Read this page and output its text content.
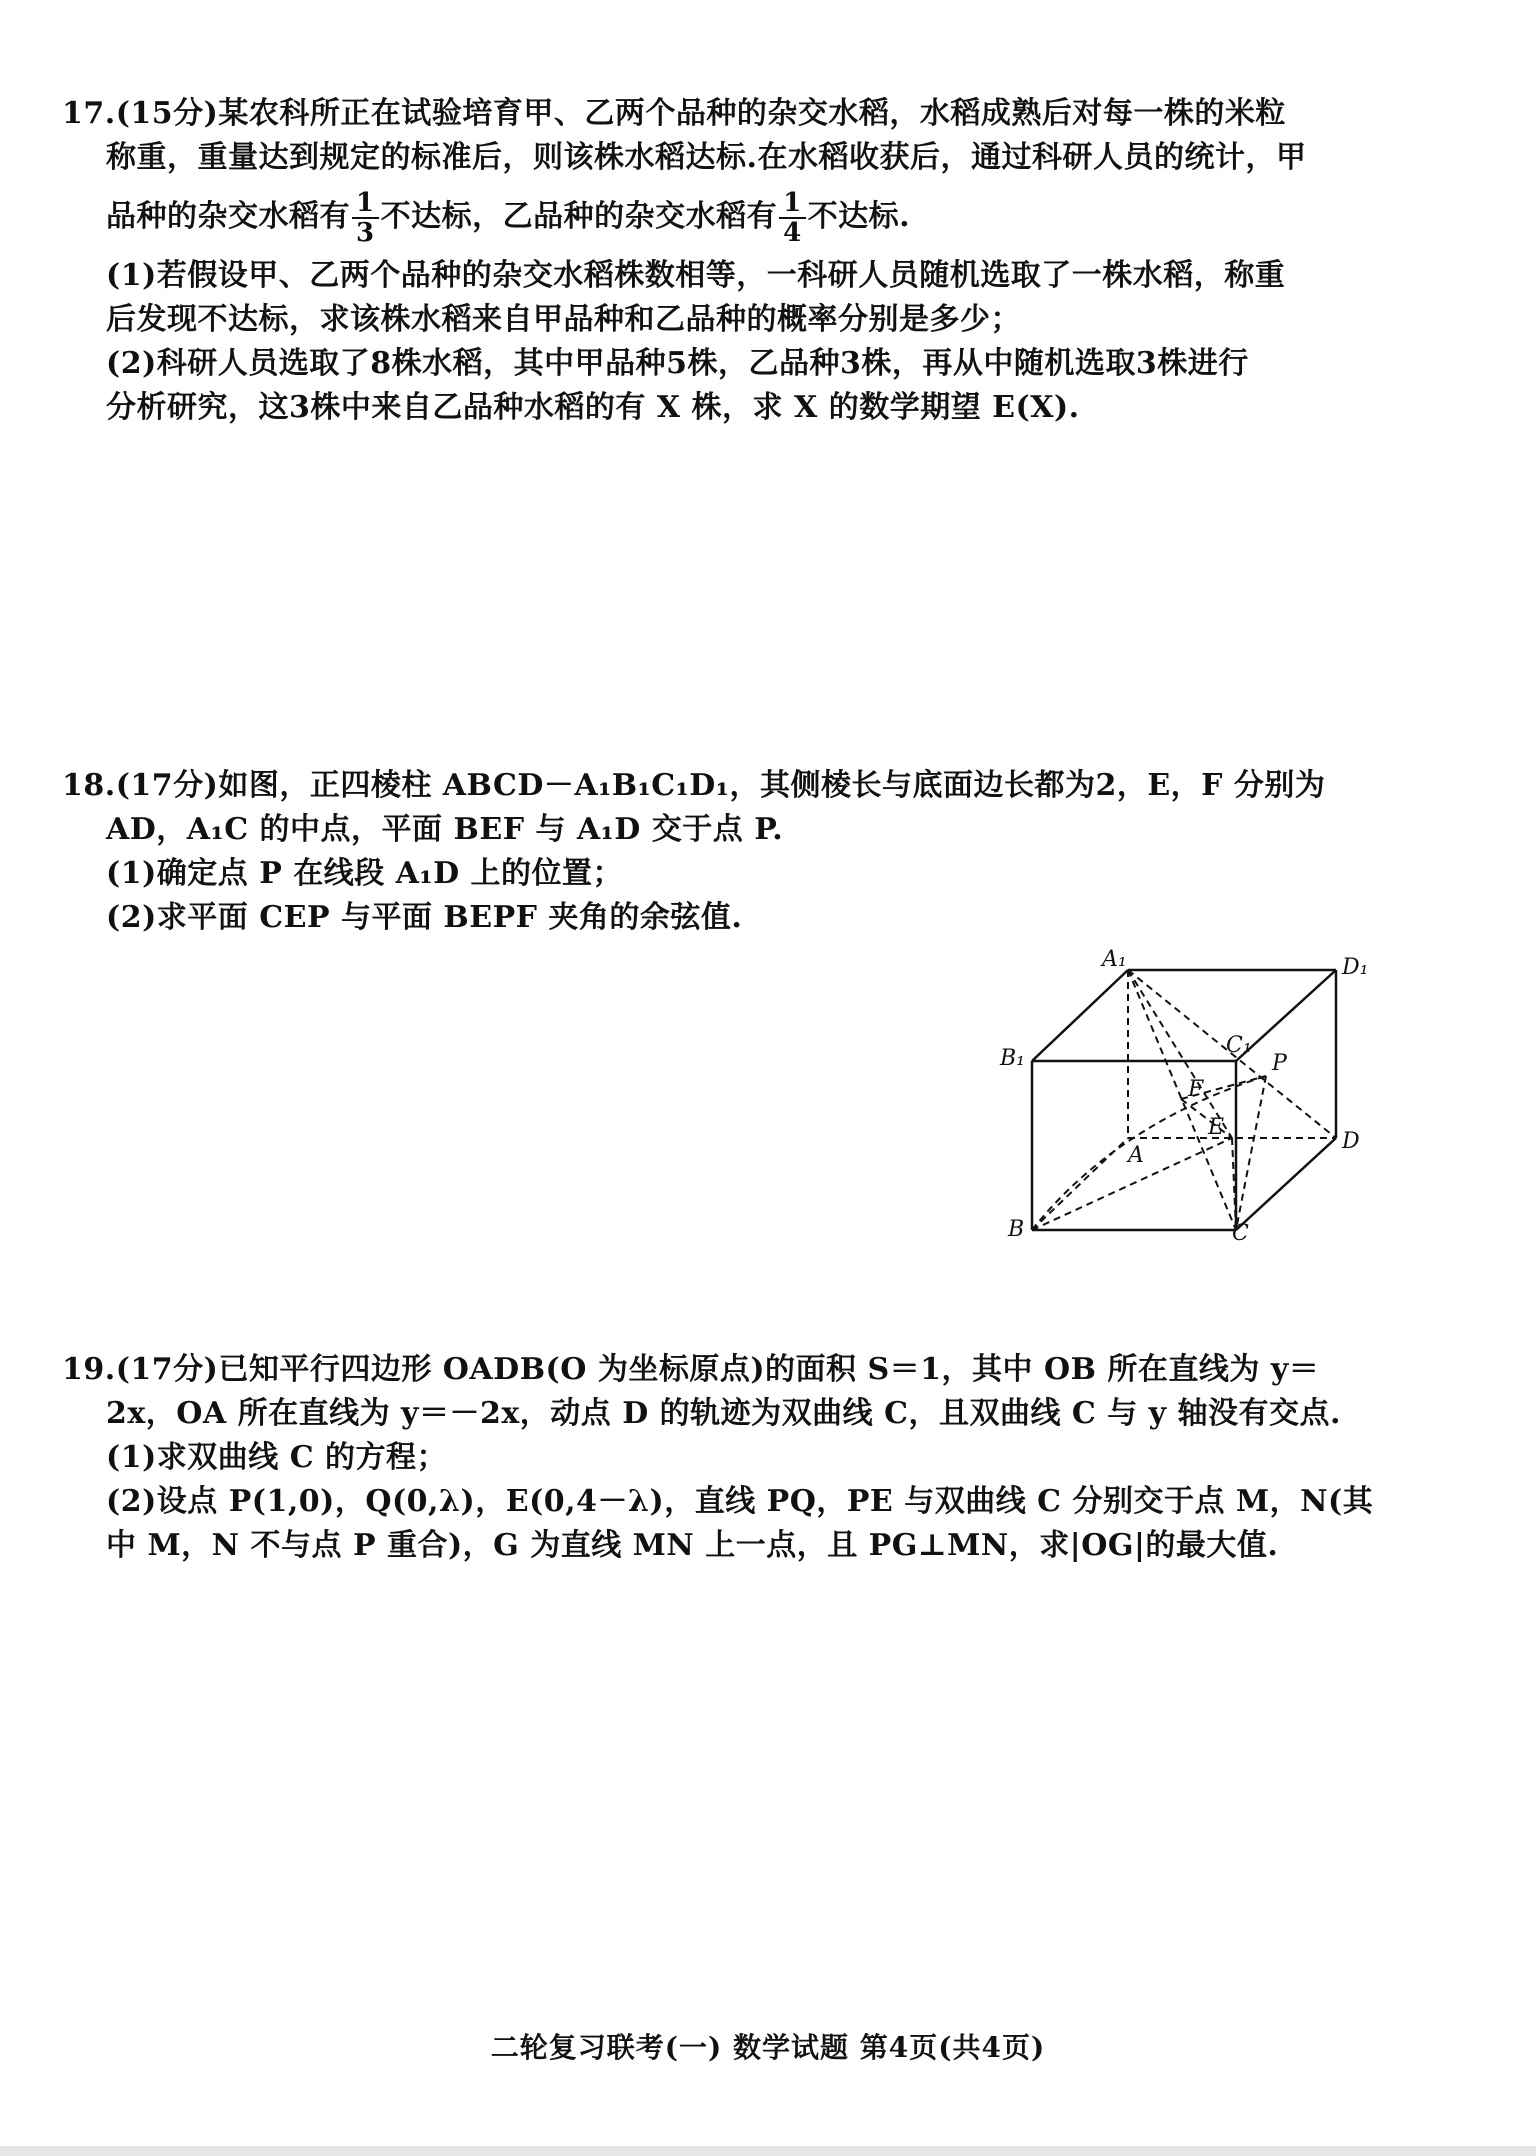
17.(15分)某农科所正在试验培育甲、乙两个品种的杂交水稻，水稻成熟后对每一株的米粒
称重，重量达到规定的标准后，则该株水稻达标.在水稻收获后，通过科研人员的统计，甲
品种的杂交水稻有 $\frac{1}{3}$ 不达标，乙品种的杂交水稻有 $\frac{1}{4}$ 不达标.
(1)若假设甲、乙两个品种的杂交水稻株数相等，一科研人员随机选取了一株水稻，称重
后发现不达标，求该株水稻来自甲品种和乙品种的概率分别是多少；
(2)科研人员选取了8株水稻，其中甲品种5株，乙品种3株，再从中随机选取3株进行
分析研究，这3株中来自乙品种水稻的有 X 株，求 X 的数学期望 E(X).
18.(17分)如图，正四棱柱 ABCD－A₁B₁C₁D₁，其侧棱长与底面边长都为2，E，F 分别为
AD，A₁C 的中点，平面 BEF 与 A₁D 交于点 P.
(1)确定点 P 在线段 A₁D 上的位置；
(2)求平面 CEP 与平面 BEPF 夹角的余弦值.
A₁	D₁
C₁
B₁	P
F
A
E
D
B	C
19.(17分)已知平行四边形 OADB(O 为坐标原点)的面积 S＝1，其中 OB 所在直线为 y＝
2x，OA 所在直线为 y＝－2x，动点 D 的轨迹为双曲线 C，且双曲线 C 与 y 轴没有交点.
(1)求双曲线 C 的方程；
(2)设点 P(1,0)，Q(0,λ)，E(0,4－λ)，直线 PQ，PE 与双曲线 C 分别交于点 M，N(其
中 M，N 不与点 P 重合)，G 为直线 MN 上一点，且 PG⊥MN，求|OG|的最大值.
二轮复习联考(一) 数学试题 第4页(共4页)
